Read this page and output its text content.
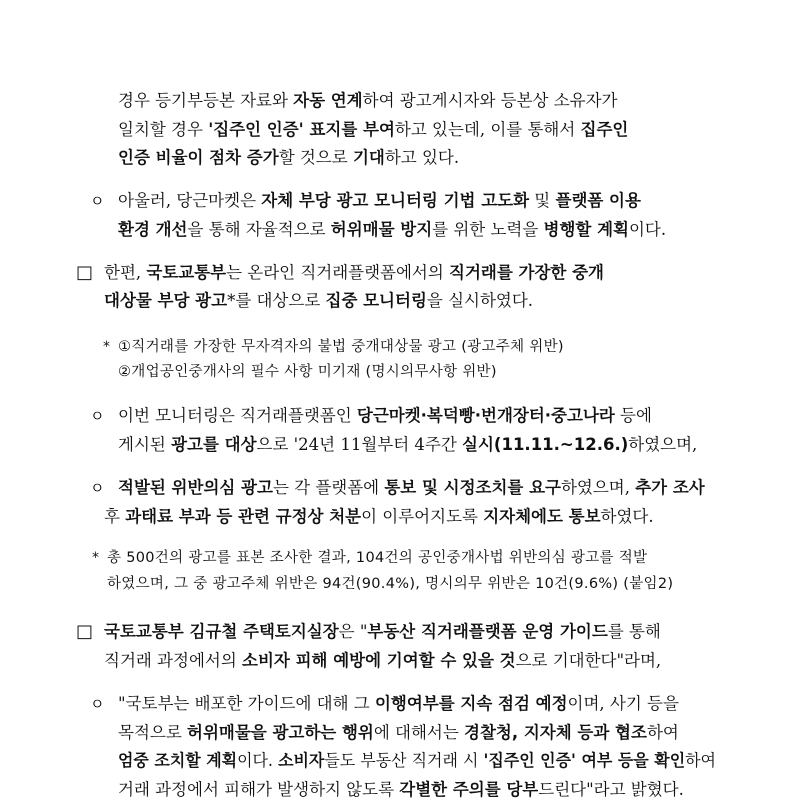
경우 등기부등본 자료와 자동 연계하여 광고게시자와 등본상 소유자가
일치할 경우 '집주인 인증' 표지를 부여하고 있는데, 이를 통해서 집주인
인증 비율이 점차 증가할 것으로 기대하고 있다.
ㅇ 아울러, 당근마켓은 자체 부당 광고 모니터링 기법 고도화 및 플랫폼 이용
환경 개선을 통해 자율적으로 허위매물 방지를 위한 노력을 병행할 계획이다.
□ 한편, 국토교통부는 온라인 직거래플랫폼에서의 직거래를 가장한 중개
대상물 부당 광고*를 대상으로 집중 모니터링을 실시하였다.
* ①직거래를 가장한 무자격자의 불법 중개대상물 광고 (광고주체 위반)
②개업공인중개사의 필수 사항 미기재 (명시의무사항 위반)
ㅇ 이번 모니터링은 직거래플랫폼인 당근마켓·복덕빵·번개장터·중고나라 등에
게시된 광고를 대상으로 '24년 11월부터 4주간 실시(11.11.~12.6.)하였으며,
ㅇ 적발된 위반의심 광고는 각 플랫폼에 통보 및 시정조치를 요구하였으며, 추가 조사
후 과태료 부과 등 관련 규정상 처분이 이루어지도록 지자체에도 통보하였다.
* 총 500건의 광고를 표본 조사한 결과, 104건의 공인중개사법 위반의심 광고를 적발
하였으며, 그 중 광고주체 위반은 94건(90.4%), 명시의무 위반은 10건(9.6%) (붙임2)
□ 국토교통부 김규철 주택토지실장은 "부동산 직거래플랫폼 운영 가이드를 통해
직거래 과정에서의 소비자 피해 예방에 기여할 수 있을 것으로 기대한다"라며,
ㅇ "국토부는 배포한 가이드에 대해 그 이행여부를 지속 점검 예정이며, 사기 등을
목적으로 허위매물을 광고하는 행위에 대해서는 경찰청, 지자체 등과 협조하여
엄중 조치할 계획이다. 소비자들도 부동산 직거래 시 '집주인 인증' 여부 등을 확인하여
거래 과정에서 피해가 발생하지 않도록 각별한 주의를 당부드린다"라고 밝혔다.
